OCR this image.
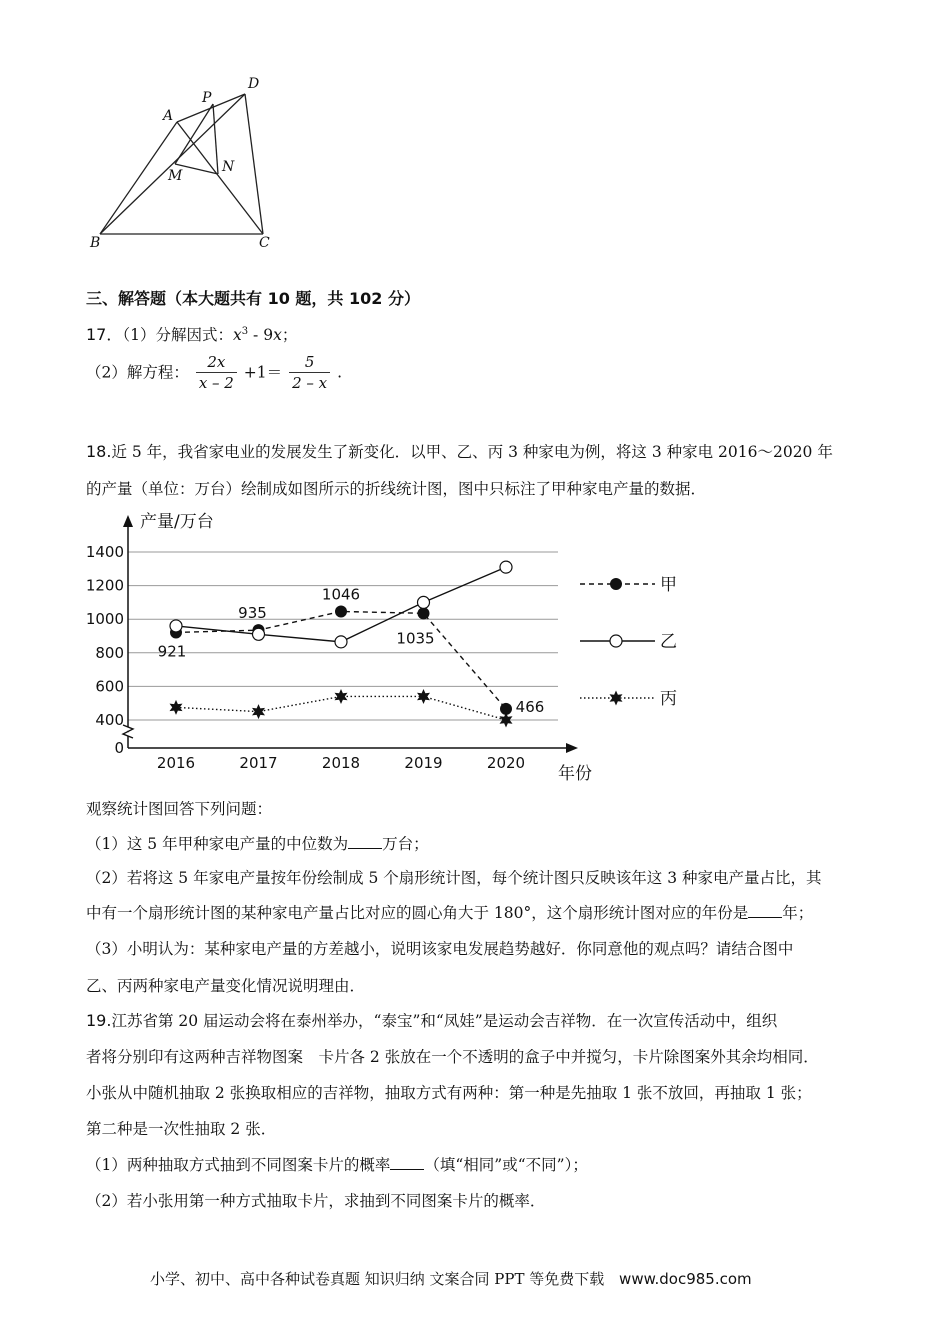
A
P
D
M
N
B	C
三、解答题（本大题共有 10 题，共 102 分）
17．（1）分解因式：$x^3 - 9x$；
（2）解方程： $\frac{2x}{x - 2} +1= \frac{5}{2 - x}$ .
18.近 5 年，我省家电业的发展发生了新变化．以甲、乙、丙 3 种家电为例，将这 3 种家电 2016～2020 年
的产量（单位：万台）绘制成如图所示的折线统计图，图中只标注了甲种家电产量的数据．
0
400
600
800
1000
1200
1400
2016	2017	2018	2019	2020
产量/万台
年份
921
935
1046
1035
466
甲
乙
丙
观察统计图回答下列问题：
（1）这 5 年甲种家电产量的中位数为 万台；
（2）若将这 5 年家电产量按年份绘制成 5 个扇形统计图，每个统计图只反映该年这 3 种家电产量占比，其
中有一个扇形统计图的某种家电产量占比对应的圆心角大于 180°，这个扇形统计图对应的年份是 年；
（3）小明认为：某种家电产量的方差越小，说明该家电发展趋势越好．你同意他的观点吗？请结合图中
乙、丙两种家电产量变化情况说明理由．
19.江苏省第 20 届运动会将在泰州举办，“泰宝”和“凤娃”是运动会吉祥物．在一次宣传活动中，组织
者将分别印有这两种吉祥物图案　卡片各 2 张放在一个不透明的盒子中并搅匀，卡片除图案外其余均相同．
小张从中随机抽取 2 张换取相应的吉祥物，抽取方式有两种：第一种是先抽取 1 张不放回，再抽取 1 张；
第二种是一次性抽取 2 张．
（1）两种抽取方式抽到不同图案卡片的概率 （填“相同”或“不同”）；
（2）若小张用第一种方式抽取卡片，求抽到不同图案卡片的概率．
小学、初中、高中各种试卷真题 知识归纳 文案合同 PPT 等免费下载 www.doc985.com
